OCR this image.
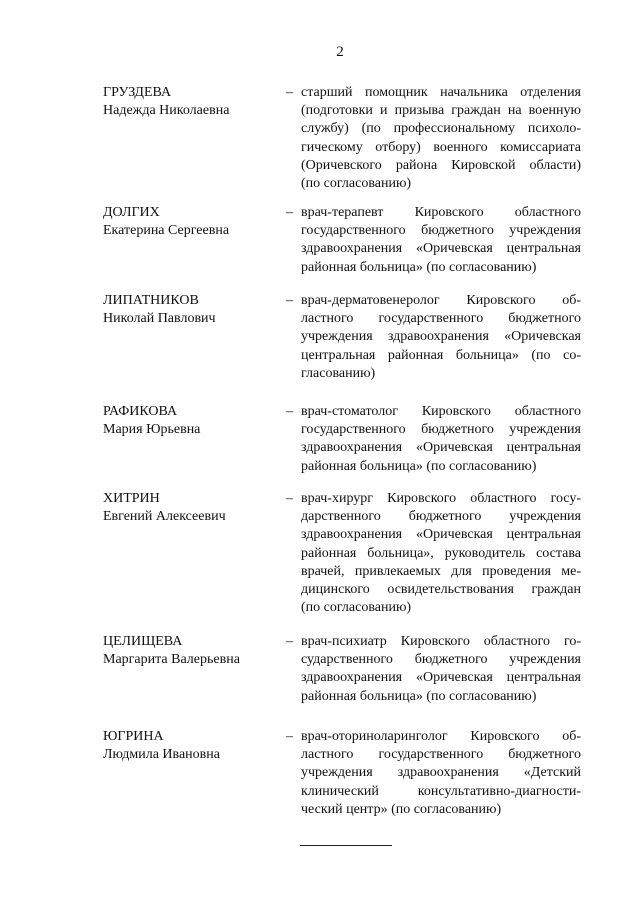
2
ГРУЗДЕВА
Надежда Николаевна
– старший помощник начальника отделения
(подготовки и призыва граждан на военную
службу) (по профессиональному психоло-
гическому отбору) военного комиссариата
(Оричевского района Кировской области)
(по согласованию)
ДОЛГИХ
Екатерина Сергеевна
– врач-терапевт Кировского областного
государственного бюджетного учреждения
здравоохранения «Оричевская центральная
районная больница» (по согласованию)
ЛИПАТНИКОВ
Николай Павлович
– врач-дерматовенеролог Кировского об-
ластного государственного бюджетного
учреждения здравоохранения «Оричевская
центральная районная больница» (по со-
гласованию)
РАФИКОВА
Мария Юрьевна
– врач-стоматолог Кировского областного
государственного бюджетного учреждения
здравоохранения «Оричевская центральная
районная больница» (по согласованию)
ХИТРИН
Евгений Алексеевич
– врач-хирург Кировского областного госу-
дарственного бюджетного учреждения
здравоохранения «Оричевская центральная
районная больница», руководитель состава
врачей, привлекаемых для проведения ме-
дицинского освидетельствования граждан
(по согласованию)
ЦЕЛИЩЕВА
Маргарита Валерьевна
– врач-психиатр Кировского областного го-
сударственного бюджетного учреждения
здравоохранения «Оричевская центральная
районная больница» (по согласованию)
ЮГРИНА
Людмила Ивановна
– врач-оториноларинголог Кировского об-
ластного государственного бюджетного
учреждения здравоохранения «Детский
клинический консультативно-диагности-
ческий центр» (по согласованию)
